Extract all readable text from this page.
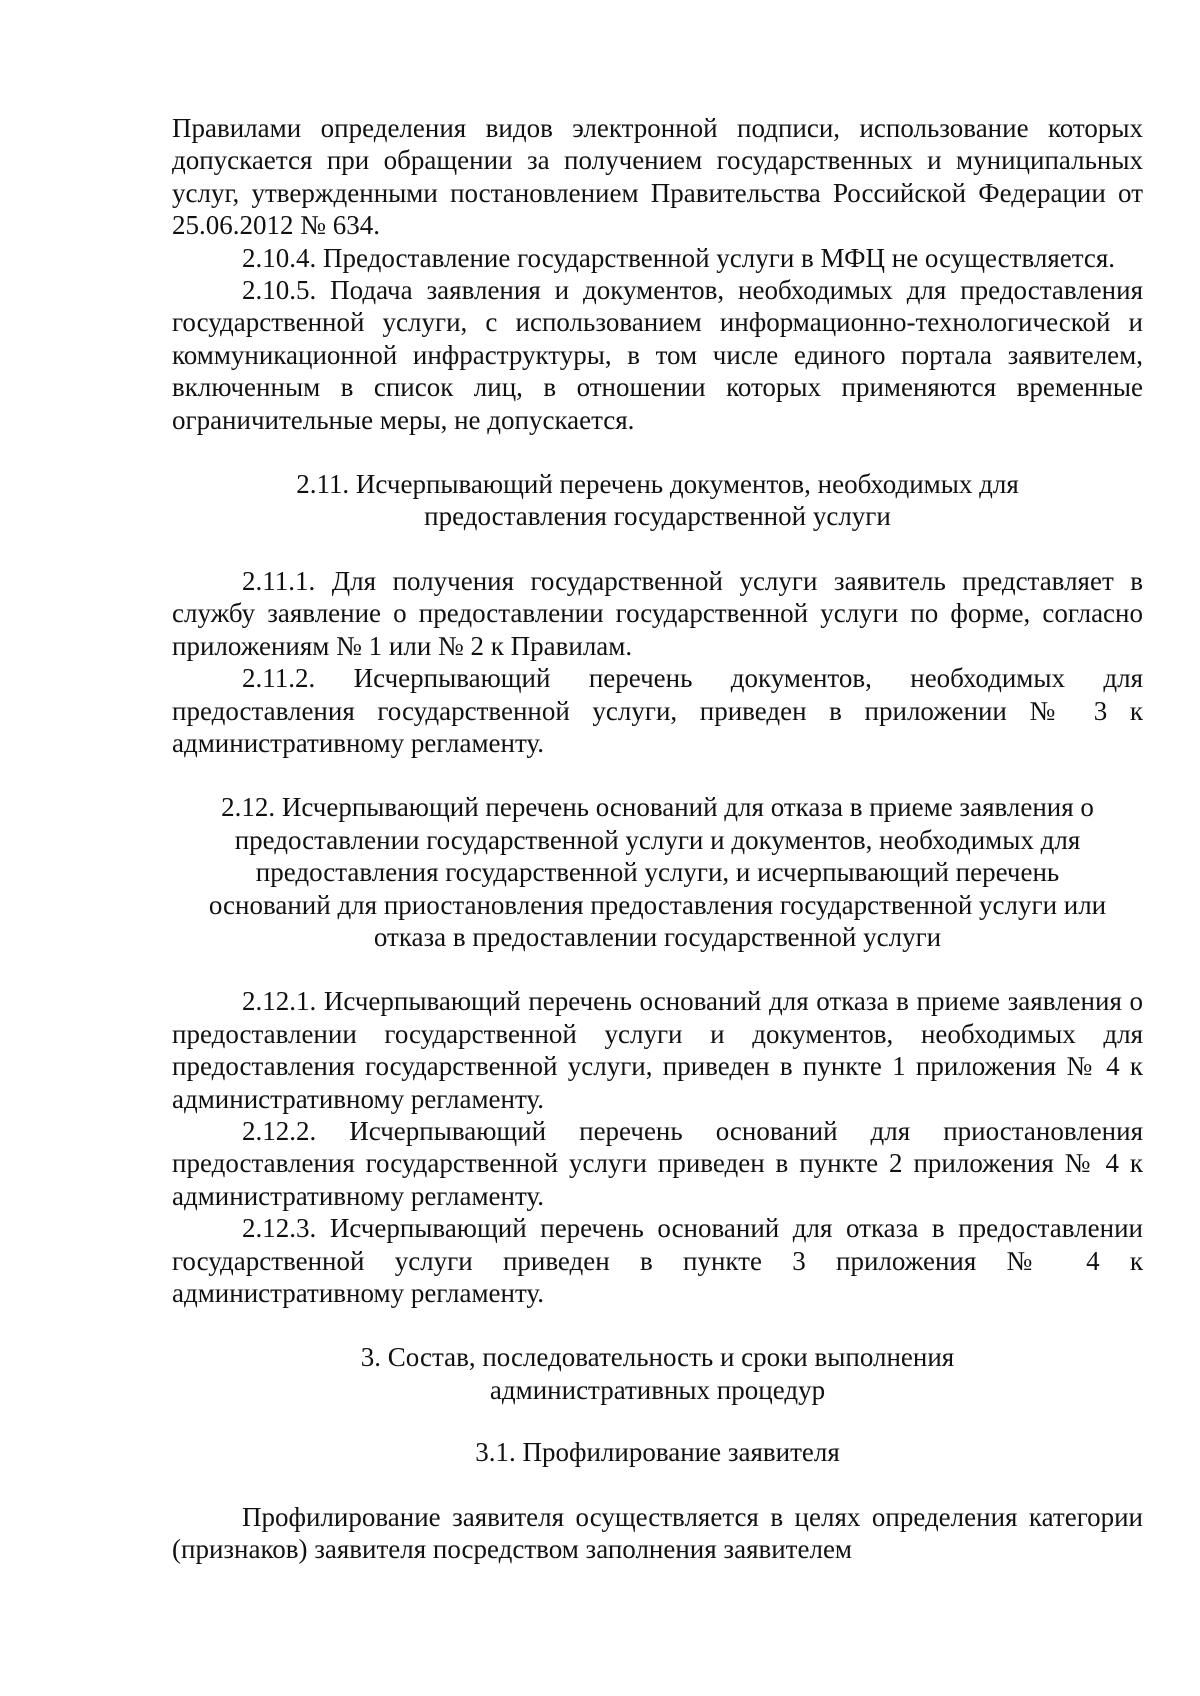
Правилами определения видов электронной подписи, использование которых допускается при обращении за получением государственных и муниципальных услуг, утвержденными постановлением Правительства Российской Федерации от 25.06.2012 № 634.

2.10.4. Предоставление государственной услуги в МФЦ не осуществляется.

2.10.5. Подача заявления и документов, необходимых для предоставления государственной услуги, с использованием информационно-технологической и коммуникационной инфраструктуры, в том числе единого портала заявителем, включенным в список лиц, в отношении которых применяются временные ограничительные меры, не допускается.

2.11. Исчерпывающий перечень документов, необходимых для
предоставления государственной услуги

2.11.1. Для получения государственной услуги заявитель представляет в службу заявление о предоставлении государственной услуги по форме, согласно приложениям № 1 или № 2 к Правилам.

2.11.2. Исчерпывающий перечень документов, необходимых для предоставления государственной услуги, приведен в приложении № 3 к административному регламенту.

2.12. Исчерпывающий перечень оснований для отказа в приеме заявления о
предоставлении государственной услуги и документов, необходимых для
предоставления государственной услуги, и исчерпывающий перечень
оснований для приостановления предоставления государственной услуги или
отказа в предоставлении государственной услуги

2.12.1. Исчерпывающий перечень оснований для отказа в приеме заявления о предоставлении государственной услуги и документов, необходимых для предоставления государственной услуги, приведен в пункте 1 приложения № 4 к административному регламенту.

2.12.2. Исчерпывающий перечень оснований для приостановления предоставления государственной услуги приведен в пункте 2 приложения № 4 к административному регламенту.

2.12.3. Исчерпывающий перечень оснований для отказа в предоставлении государственной услуги приведен в пункте 3 приложения № 4 к административному регламенту.

3. Состав, последовательность и сроки выполнения
административных процедур
3.1. Профилирование заявителя

Профилирование заявителя осуществляется в целях определения категории (признаков) заявителя посредством заполнения заявителем
